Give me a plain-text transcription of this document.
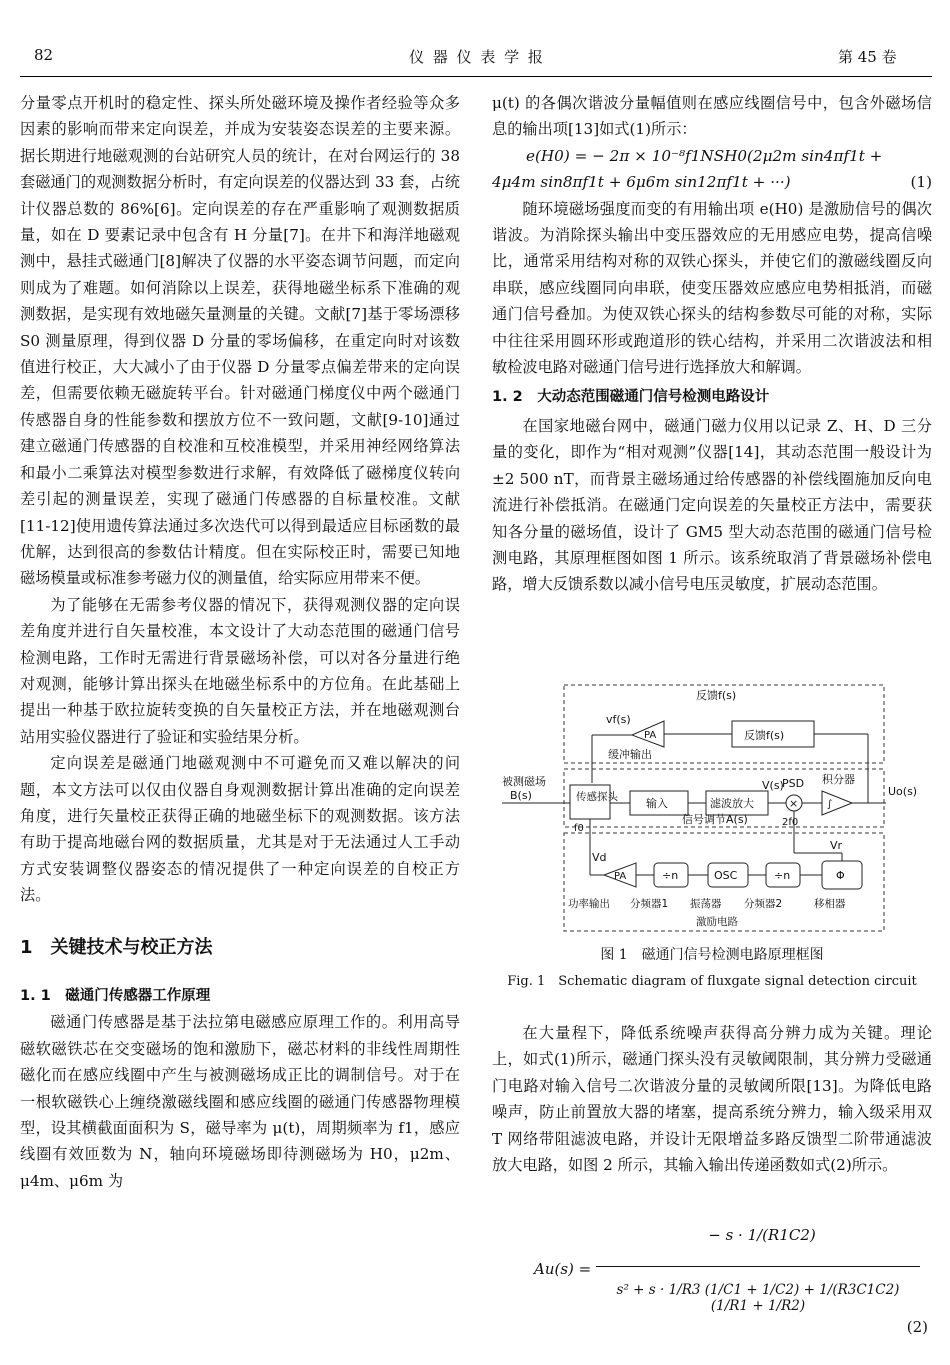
82	仪 器 仪 表 学 报	第 45 卷

分量零点开机时的稳定性、探头所处磁环境及操作者经验等众多因素的影响而带来定向误差，并成为安装姿态误差的主要来源。据长期进行地磁观测的台站研究人员的统计，在对台网运行的 38 套磁通门的观测数据分析时，有定向误差的仪器达到 33 套，占统计仪器总数的 86%[6]。定向误差的存在严重影响了观测数据质量，如在 D 要素记录中包含有 H 分量[7]。在井下和海洋地磁观测中，悬挂式磁通门[8]解决了仪器的水平姿态调节问题，而定向则成为了难题。如何消除以上误差，获得地磁坐标系下准确的观测数据，是实现有效地磁矢量测量的关键。文献[7]基于零场漂移 S0 测量原理，得到仪器 D 分量的零场偏移，在重定向时对该数值进行校正，大大减小了由于仪器 D 分量零点偏差带来的定向误差，但需要依赖无磁旋转平台。针对磁通门梯度仪中两个磁通门传感器自身的性能参数和摆放方位不一致问题，文献[9-10]通过建立磁通门传感器的自校准和互校准模型，并采用神经网络算法和最小二乘算法对模型参数进行求解，有效降低了磁梯度仪转向差引起的测量误差，实现了磁通门传感器的自标量校准。文献[11-12]使用遗传算法通过多次迭代可以得到最适应目标函数的最优解，达到很高的参数估计精度。但在实际校正时，需要已知地磁场模量或标准参考磁力仪的测量值，给实际应用带来不便。

为了能够在无需参考仪器的情况下，获得观测仪器的定向误差角度并进行自矢量校准，本文设计了大动态范围的磁通门信号检测电路，工作时无需进行背景磁场补偿，可以对各分量进行绝对观测，能够计算出探头在地磁坐标系中的方位角。在此基础上提出一种基于欧拉旋转变换的自矢量校正方法，并在地磁观测台站用实验仪器进行了验证和实验结果分析。

定向误差是磁通门地磁观测中不可避免而又难以解决的问题，本文方法可以仅由仪器自身观测数据计算出准确的定向误差角度，进行矢量校正获得正确的地磁坐标下的观测数据。该方法有助于提高地磁台网的数据质量，尤其是对于无法通过人工手动方式安装调整仪器姿态的情况提供了一种定向误差的自校正方法。

1　关键技术与校正方法
1. 1　磁通门传感器工作原理

磁通门传感器是基于法拉第电磁感应原理工作的。利用高导磁软磁铁芯在交变磁场的饱和激励下，磁芯材料的非线性周期性磁化而在感应线圈中产生与被测磁场成正比的调制信号。对于在一根软磁铁心上缠绕激磁线圈和感应线圈的磁通门传感器物理模型，设其横截面面积为 S，磁导率为 μ(t)，周期频率为 f1，感应线圈有效匝数为 N，轴向环境磁场即待测磁场为 H0，μ2m、μ4m、μ6m 为

μ(t) 的各偶次谐波分量幅值则在感应线圈信号中，包含外磁场信息的输出项[13]如式(1)所示：

e(H0) = − 2π × 10⁻⁸f1NSH0(2μ2m sin4πf1t +

4μ4m sin8πf1t + 6μ6m sin12πf1t + ···)	(1)

随环境磁场强度而变的有用输出项 e(H0) 是激励信号的偶次谐波。为消除探头输出中变压器效应的无用感应电势，提高信噪比，通常采用结构对称的双铁心探头，并使它们的激磁线圈反向串联，感应线圈同向串联，使变压器效应感应电势相抵消，而磁通门信号叠加。为使双铁心探头的结构参数尽可能的对称，实际中往往采用圆环形或跑道形的铁心结构，并采用二次谐波法和相敏检波电路对磁通门信号进行选择放大和解调。

1. 2　大动态范围磁通门信号检测电路设计

在国家地磁台网中，磁通门磁力仪用以记录 Z、H、D 三分量的变化，即作为“相对观测”仪器[14]，其动态范围一般设计为±2 500 nT，而背景主磁场通过给传感器的补偿线圈施加反向电流进行补偿抵消。在磁通门定向误差的矢量校正方法中，需要获知各分量的磁场值，设计了 GM5 型大动态范围的磁通门信号检测电路，其原理框图如图 1 所示。该系统取消了背景磁场补偿电路，增大反馈系数以减小信号电压灵敏度，扩展动态范围。

反馈f(s)
vf(s)
PA
缓冲输出
反馈f(s)
被测磁场
B(s)	传感探头	输入	滤波放大
V(s)
×
PSD
∫
积分器
Uo(s)
f0
信号调节A(s)	2f0
Vr
Vd
PA	÷n	OSC	÷n	Φ
功率输出 分频器1 振荡器 分频器2	移相器
激励电路
图 1　磁通门信号检测电路原理框图
Fig. 1　Schematic diagram of fluxgate signal detection circuit

在大量程下，降低系统噪声获得高分辨力成为关键。理论上，如式(1)所示，磁通门探头没有灵敏阈限制，其分辨力受磁通门电路对输入信号二次谐波分量的灵敏阈所限[13]。为降低电路噪声，防止前置放大器的堵塞，提高系统分辨力，输入级采用双 T 网络带阻滤波电路，并设计无限增益多路反馈型二阶带通滤波放大电路，如图 2 所示，其输入输出传递函数如式(2)所示。

Au(s) =
− s · 1/(R1C2)
s² + s · 1/R3 (1/C1 + 1/C2) + 1/(R3C1C2) (1/R1 + 1/R2)
(2)
